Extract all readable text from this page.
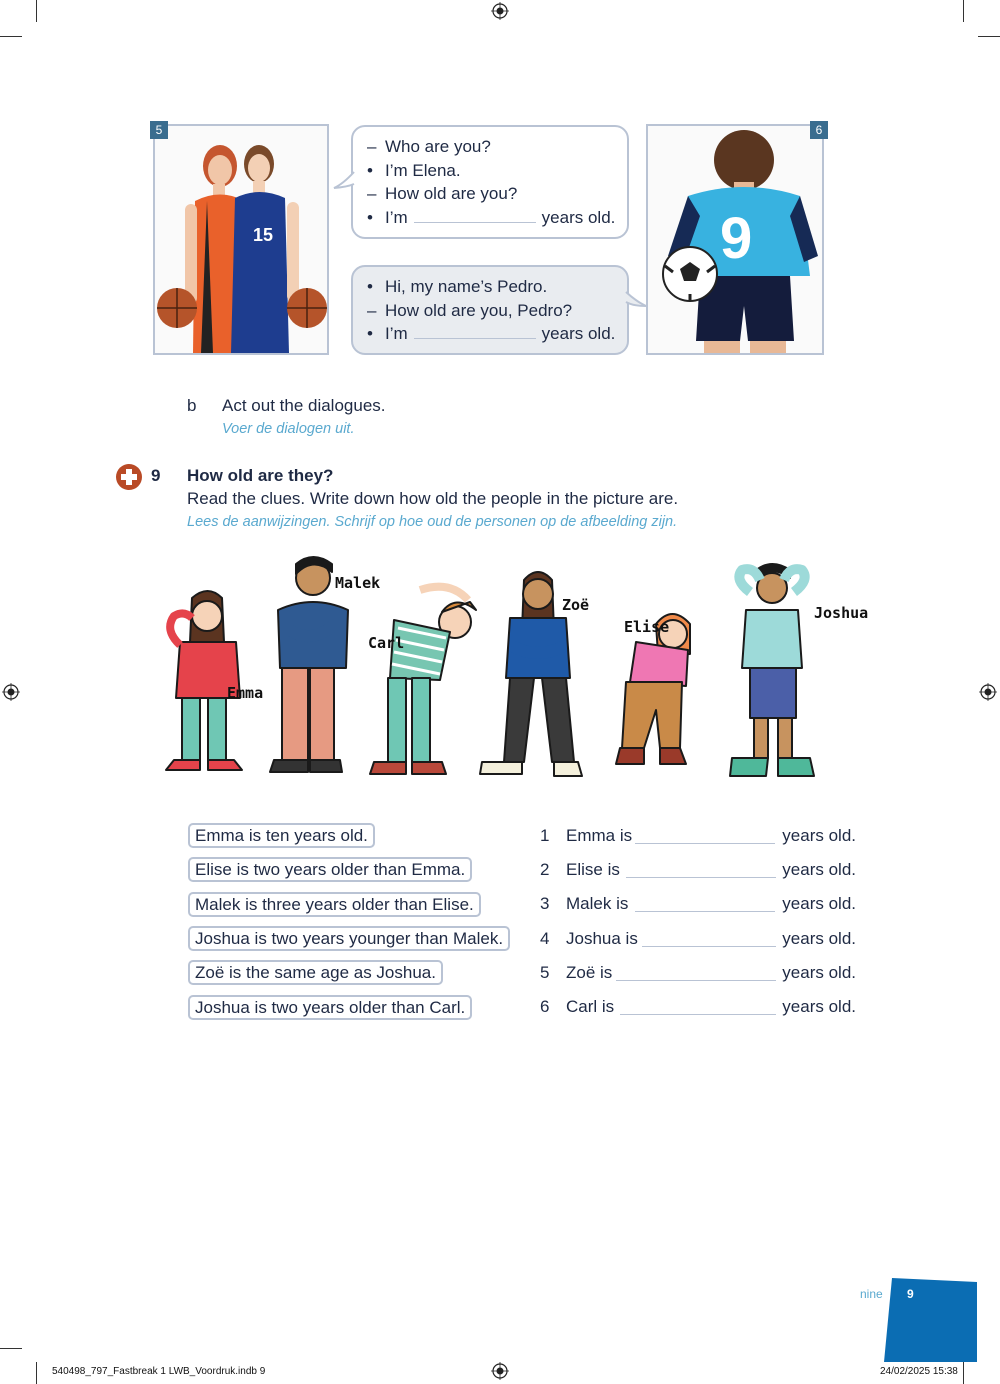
15
5
– Who are you?
• I’m Elena.
– How old are you?
• I’m	years old.
• Hi, my name’s Pedro.
– How old are you, Pedro?
• I’m	years old.
9
6
b Act out the dialogues.
Voer de dialogen uit.
9 How old are they?
Read the clues. Write down how old the people in the picture are.
Lees de aanwijzingen. Schrijf op hoe oud de personen op de afbeelding zijn.
Emma
Malek
Carl
Zoë
Elise
Joshua
Emma is ten years old.
Elise is two years older than Emma.
Malek is three years older than Elise.
Joshua is two years younger than Malek.
Zoë is the same age as Joshua.
Joshua is two years older than Carl.
1 Emma is	years old.
2 Elise is	years old.
3 Malek is	years old.
4 Joshua is	years old.
5 Zoë is	years old.
6 Carl is	years old.
nine 9
540498_797_Fastbreak 1 LWB_Voordruk.indb 9	24/02/2025 15:38
